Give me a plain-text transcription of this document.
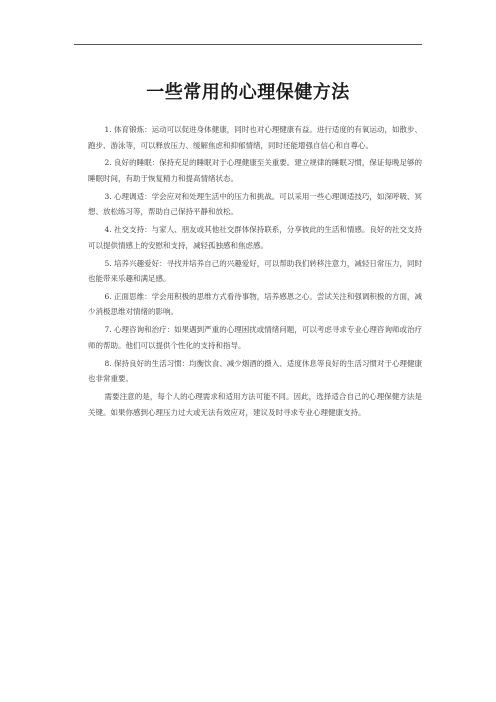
一些常用的心理保健方法

1. 体育锻炼：运动可以促进身体健康，同时也对心理健康有益。进行适度的有氧运动，如散步、跑步、游泳等，可以释放压力、缓解焦虑和抑郁情绪，同时还能增强自信心和自尊心。

2. 良好的睡眠：保持充足的睡眠对于心理健康至关重要。建立规律的睡眠习惯，保证每晚足够的睡眠时间，有助于恢复精力和提高情绪状态。

3. 心理调适：学会应对和处理生活中的压力和挑战。可以采用一些心理调适技巧，如深呼吸、冥想、放松练习等，帮助自己保持平静和放松。

4. 社交支持：与家人、朋友或其他社交群体保持联系，分享彼此的生活和情感。良好的社交支持可以提供情感上的安慰和支持，减轻孤独感和焦虑感。

5. 培养兴趣爱好：寻找并培养自己的兴趣爱好，可以帮助我们转移注意力，减轻日常压力，同时也能带来乐趣和满足感。

6. 正面思维：学会用积极的思维方式看待事物，培养感恩之心。尝试关注和强调积极的方面，减少消极思维对情绪的影响。

7. 心理咨询和治疗：如果遇到严重的心理困扰或情绪问题，可以考虑寻求专业心理咨询师或治疗师的帮助。他们可以提供个性化的支持和指导。

8. 保持良好的生活习惯：均衡饮食、减少烟酒的摄入、适度休息等良好的生活习惯对于心理健康也非常重要。

需要注意的是，每个人的心理需求和适用方法可能不同。因此，选择适合自己的心理保健方法是关键。如果你感到心理压力过大或无法有效应对，建议及时寻求专业心理健康支持。
